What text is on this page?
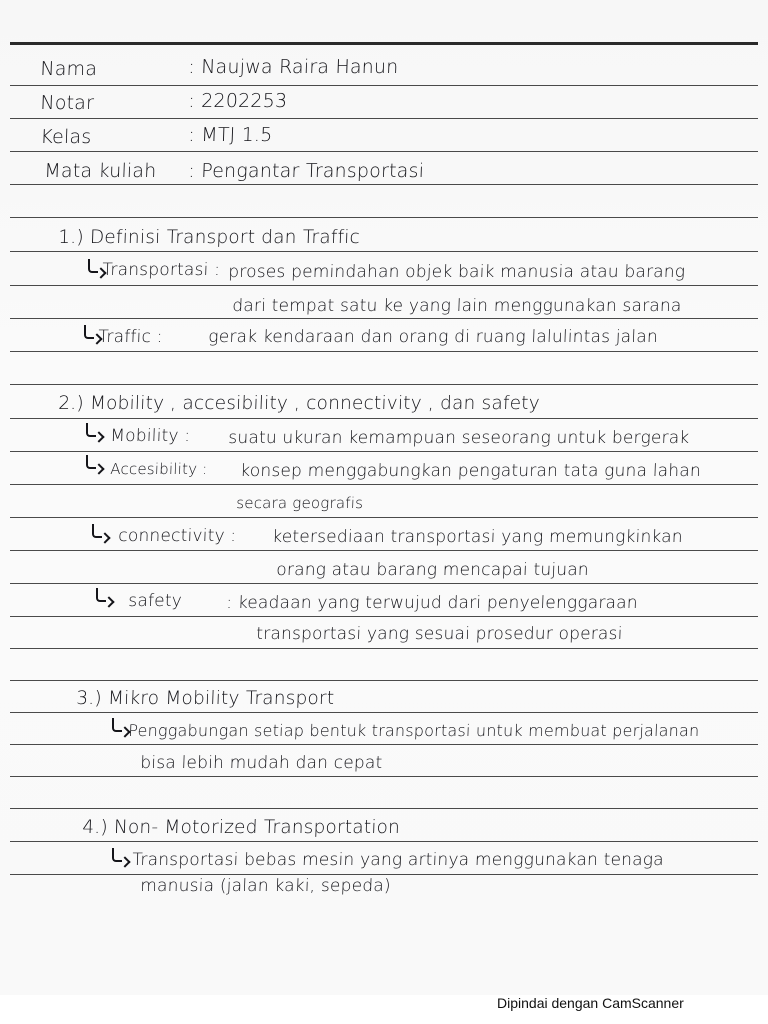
Nama	: Naujwa Raira Hanun
Notar	: 2202253
Kelas	: MTJ 1.5
Mata kuliah : Pengantar Transportasi
1.) Definisi Transport dan Traffic
Transportasi : proses pemindahan objek baik manusia atau barang
dari tempat satu ke yang lain menggunakan sarana
Traffic :	gerak kendaraan dan orang di ruang lalulintas jalan
2.) Mobility , accesibility , connectivity , dan safety
Mobility : suatu ukuran kemampuan seseorang untuk bergerak
Accesibility : konsep menggabungkan pengaturan tata guna lahan
secara geografis
connectivity : ketersediaan transportasi yang memungkinkan
orang atau barang mencapai tujuan
safety	: keadaan yang terwujud dari penyelenggaraan
transportasi yang sesuai prosedur operasi
3.) Mikro Mobility Transport
Penggabungan setiap bentuk transportasi untuk membuat perjalanan
bisa lebih mudah dan cepat
4.) Non- Motorized Transportation
Transportasi bebas mesin yang artinya menggunakan tenaga
manusia (jalan kaki, sepeda)
Dipindai dengan CamScanner
